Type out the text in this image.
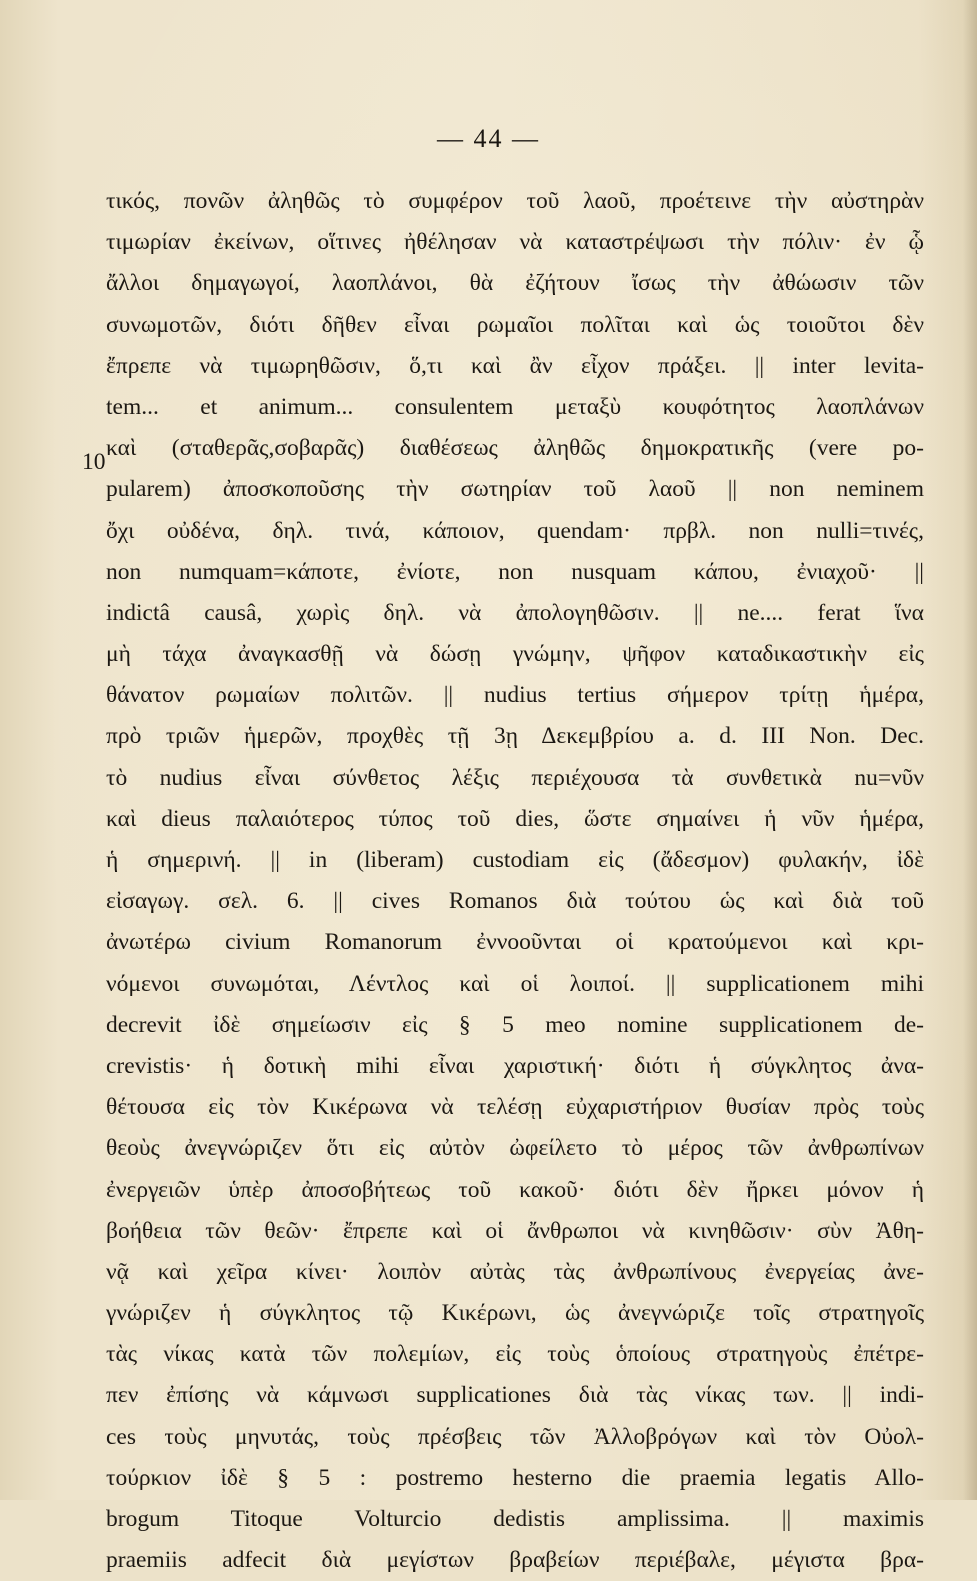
— 44 —
10
τικός, πονῶν ἀληθῶς τὸ συμφέρον τοῦ λαοῦ, προέτεινε τὴν αὐστηρὰν
τιμωρίαν ἐκείνων, οἵτινες ἠθέλησαν νὰ καταστρέψωσι τὴν πόλιν· ἐν ᾧ
ἄλλοι δημαγωγοί, λαοπλάνοι, θὰ ἐζήτουν ἴσως τὴν ἀθώωσιν τῶν
συνωμοτῶν, διότι δῆθεν εἶναι ρωμαῖοι πολῖται καὶ ὡς τοιοῦτοι δὲν
ἔπρεπε νὰ τιμωρηθῶσιν, ὅ,τι καὶ ἂν εἶχον πράξει. || inter levita-
tem... et animum... consulentem μεταξὺ κουφότητος λαοπλάνων
καὶ (σταθερᾶς,σοβαρᾶς) διαθέσεως ἀληθῶς δημοκρατικῆς (vere po-
pularem) ἀποσκοποῦσης τὴν σωτηρίαν τοῦ λαοῦ || non neminem
ὄχι οὐδένα, δηλ. τινά, κάποιον, quendam· πρβλ. non nulli=τινές,
non numquam=κάποτε, ἐνίοτε, non nusquam κάπου, ἐνιαχοῦ· ||
indictâ causâ, χωρὶς δηλ. νὰ ἀπολογηθῶσιν. || ne.... ferat ἵνα
μὴ τάχα ἀναγκασθῇ νὰ δώσῃ γνώμην, ψῆφον καταδικαστικὴν εἰς
θάνατον ρωμαίων πολιτῶν. || nudius tertius σήμερον τρίτῃ ἡμέρα,
πρὸ τριῶν ἡμερῶν, προχθὲς τῇ 3ῃ Δεκεμβρίου a. d. III Non. Dec.
τὸ nudius εἶναι σύνθετος λέξις περιέχουσα τὰ συνθετικὰ nu=νῦν
καὶ dieus παλαιότερος τύπος τοῦ dies, ὥστε σημαίνει ἡ νῦν ἡμέρα,
ἡ σημερινή. || in (liberam) custodiam εἰς (ἄδεσμον) φυλακήν, ἰδὲ
εἰσαγωγ. σελ. 6. || cives Romanos διὰ τούτου ὡς καὶ διὰ τοῦ
ἀνωτέρω civium Romanorum ἐννοοῦνται οἱ κρατούμενοι καὶ κρι-
νόμενοι συνωμόται, Λέντλος καὶ οἱ λοιποί. || supplicationem mihi
decrevit ἰδὲ σημείωσιν εἰς § 5 meo nomine supplicationem de-
crevistis· ἡ δοτικὴ mihi εἶναι χαριστική· διότι ἡ σύγκλητος ἀνα-
θέτουσα εἰς τὸν Κικέρωνα νὰ τελέσῃ εὐχαριστήριον θυσίαν πρὸς τοὺς
θεοὺς ἀνεγνώριζεν ὅτι εἰς αὐτὸν ὠφείλετο τὸ μέρος τῶν ἀνθρωπίνων
ἐνεργειῶν ὑπὲρ ἀποσοβήτεως τοῦ κακοῦ· διότι δὲν ἤρκει μόνον ἡ
βοήθεια τῶν θεῶν· ἔπρεπε καὶ οἱ ἄνθρωποι νὰ κινηθῶσιν· σὺν Ἀθη-
νᾷ καὶ χεῖρα κίνει· λοιπὸν αὐτὰς τὰς ἀνθρωπίνους ἐνεργείας ἀνε-
γνώριζεν ἡ σύγκλητος τῷ Κικέρωνι, ὡς ἀνεγνώριζε τοῖς στρατηγοῖς
τὰς νίκας κατὰ τῶν πολεμίων, εἰς τοὺς ὁποίους στρατηγοὺς ἐπέτρε-
πεν ἐπίσης νὰ κάμνωσι supplicationes διὰ τὰς νίκας των. || indi-
ces τοὺς μηνυτάς, τοὺς πρέσβεις τῶν Ἀλλοβρόγων καὶ τὸν Οὐολ-
τούρκιον ἰδὲ § 5 : postremo hesterno die praemia legatis Allo-
brogum Titoque Volturcio dedistis amplissima. || maximis
praemiis adfecit διὰ μεγίστων βραβείων περιέβαλε, μέγιστα βρα-
